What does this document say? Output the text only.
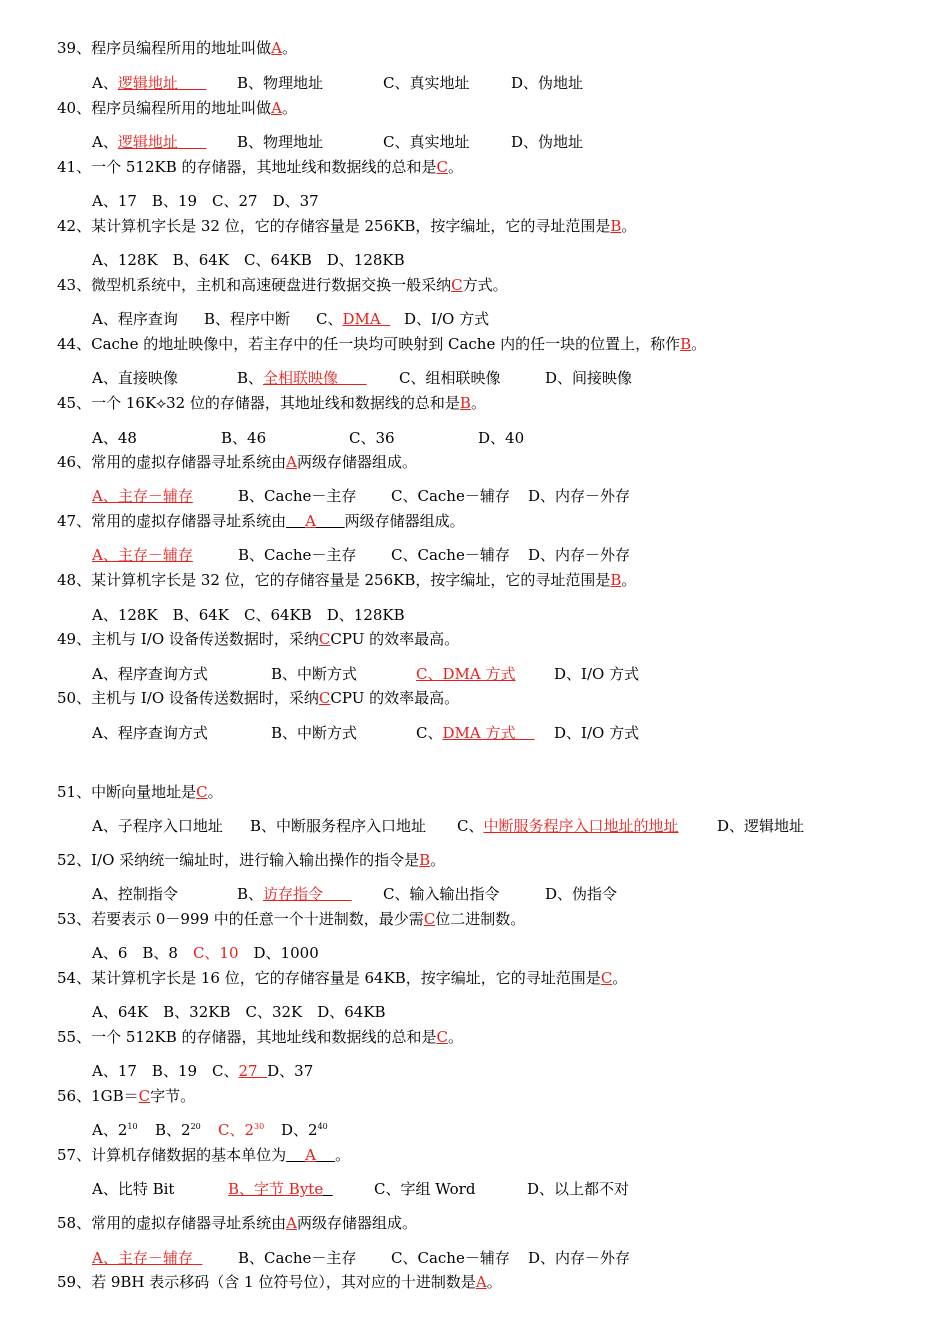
39、程序员编程所用的地址叫做A。
A、逻辑地址	B、物理地址	C、真实地址	D、伪地址
40、程序员编程所用的地址叫做A。
A、逻辑地址	B、物理地址	C、真实地址	D、伪地址
41、一个 512KB 的存储器，其地址线和数据线的总和是C。
A、17　B、19　C、27　D、37
42、某计算机字长是 32 位，它的存储容量是 256KB，按字编址，它的寻址范围是B。
A、128K　B、64K　C、64KB　D、128KB
43、微型机系统中，主机和高速硬盘进行数据交换一般采纳C方式。
A、程序查询 B、程序中断 C、DMA	D、I/O 方式
44、Cache 的地址映像中，若主存中的任一块均可映射到 Cache 内的任一块的位置上，称作B。
A、直接映像	B、全相联映像	C、组相联映像	D、间接映像
45、一个 16K⟡32 位的存储器，其地址线和数据线的总和是B。
A、48	B、46	C、36	D、40
46、常用的虚拟存储器寻址系统由A两级存储器组成。
A、主存－辅存	B、Cache－主存 C、Cache－辅存 D、内存－外存
47、常用的虚拟存储器寻址系统由 A 两级存储器组成。
A、主存－辅存	B、Cache－主存 C、Cache－辅存 D、内存－外存
48、某计算机字长是 32 位，它的存储容量是 256KB，按字编址，它的寻址范围是B。
A、128K　B、64K　C、64KB　D、128KB
49、主机与 I/O 设备传送数据时，采纳CCPU 的效率最高。
A、程序查询方式	B、中断方式	C、DMA 方式	D、I/O 方式
50、主机与 I/O 设备传送数据时，采纳CCPU 的效率最高。
A、程序查询方式	B、中断方式	C、DMA 方式	D、I/O 方式
51、中断向量地址是C。
A、子程序入口地址 B、中断服务程序入口地址 C、中断服务程序入口地址的地址	D、逻辑地址
52、I/O 采纳统一编址时，进行输入输出操作的指令是B。
A、控制指令	B、访存指令	C、输入输出指令	D、伪指令
53、若要表示 0－999 中的任意一个十进制数，最少需C位二进制数。
A、6　B、8　C、10　D、1000
54、某计算机字长是 16 位，它的存储容量是 64KB，按字编址，它的寻址范围是C。
A、64K　B、32KB　C、32K　D、64KB
55、一个 512KB 的存储器，其地址线和数据线的总和是C。
A、17　B、19　C、27 D、37
56、1GB＝C字节。
A、$2^{10}$ B、$2^{20}$ C、$2^{30}$ D、$2^{40}$
57、计算机存储数据的基本单位为 A 。
A、比特 Bit	B、字节 Byte	C、字组 Word	D、以上都不对
58、常用的虚拟存储器寻址系统由A两级存储器组成。
A、主存－辅存	B、Cache－主存 C、Cache－辅存 D、内存－外存
59、若 9BH 表示移码（含 1 位符号位），其对应的十进制数是A。
